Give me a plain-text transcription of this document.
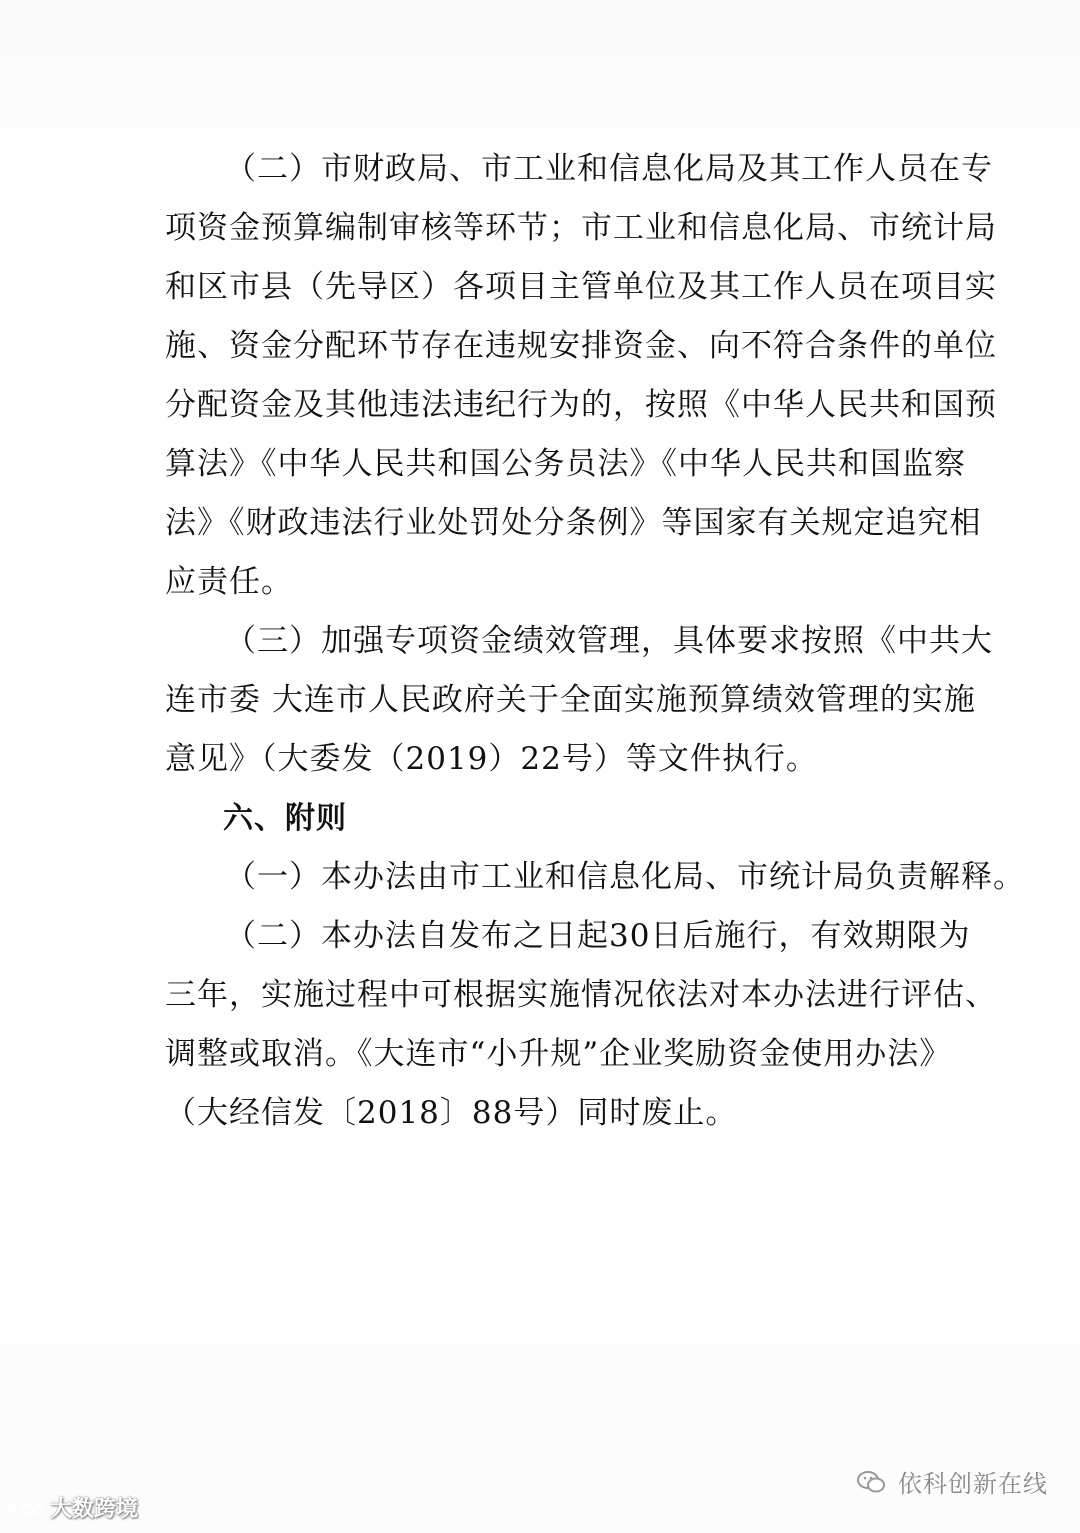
（二）市财政局、市工业和信息化局及其工作人员在专
项资金预算编制审核等环节；市工业和信息化局、市统计局
和区市县（先导区）各项目主管单位及其工作人员在项目实
施、资金分配环节存在违规安排资金、向不符合条件的单位
分配资金及其他违法违纪行为的，按照《中华人民共和国预
算法》《中华人民共和国公务员法》《中华人民共和国监察
法》《财政违法行业处罚处分条例》等国家有关规定追究相
应责任。
（三）加强专项资金绩效管理，具体要求按照《中共大
连市委 大连市人民政府关于全面实施预算绩效管理的实施
意见》（大委发（2019）22号）等文件执行。
六、附则
（一）本办法由市工业和信息化局、市统计局负责解释。
（二）本办法自发布之日起30日后施行，有效期限为
三年，实施过程中可根据实施情况依法对本办法进行评估、
调整或取消。《大连市“小升规”企业奖励资金使用办法》
（大经信发〔2018〕88号）同时废止。
依科创新在线
大数跨境
